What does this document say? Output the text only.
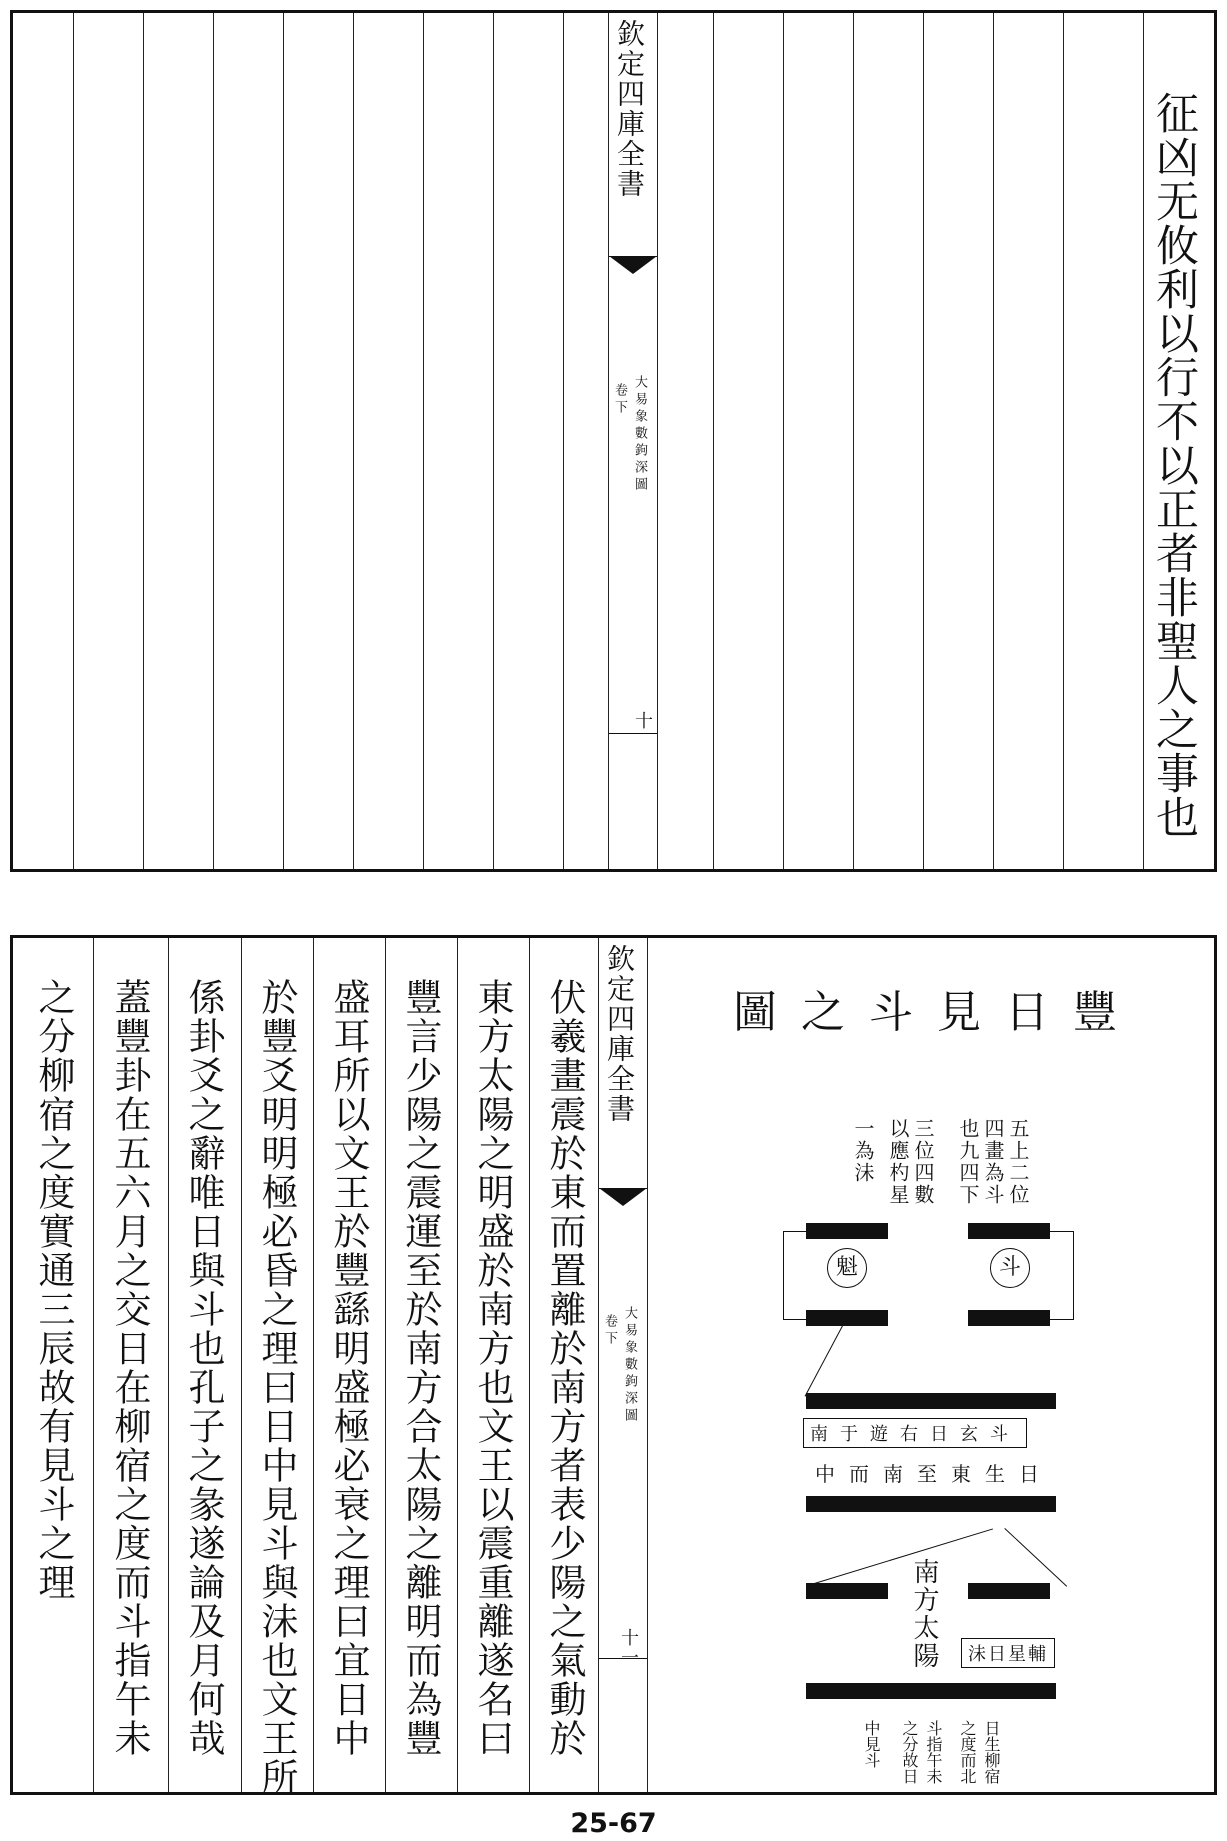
欽定四庫全書
大易象數鉤深圖
卷下
十	征凶无攸利以行不以正者非聖人之事也
之分柳宿之度實通三辰故有見斗之理 蓋豐卦在五六月之交日在柳宿之度而斗指午未 係卦爻之辭唯日與斗也孔子之彖遂論及月何哉 於豐爻明明極必昏之理曰日中見斗與沬也文王所 盛耳所以文王於豐繇明盛極必衰之理曰宜日中 豐言少陽之震運至於南方合太陽之離明而為豐 東方太陽之明盛於南方也文王以震重離遂名曰 伏羲畫震於東而置離於南方者表少陽之氣動於 欽定四庫全書
大易象數鉤深圖
卷下
十一
豐日見斗之圖
五上二位
四畫為斗
也九四下
三位四數
以應杓星
一為沬
魁	斗
斗玄日右遊于南
日生東至南而中
南方太陽	輔星日沬
日生柳宿
之度而北
斗指午未
之分故日
中見斗
25-67
